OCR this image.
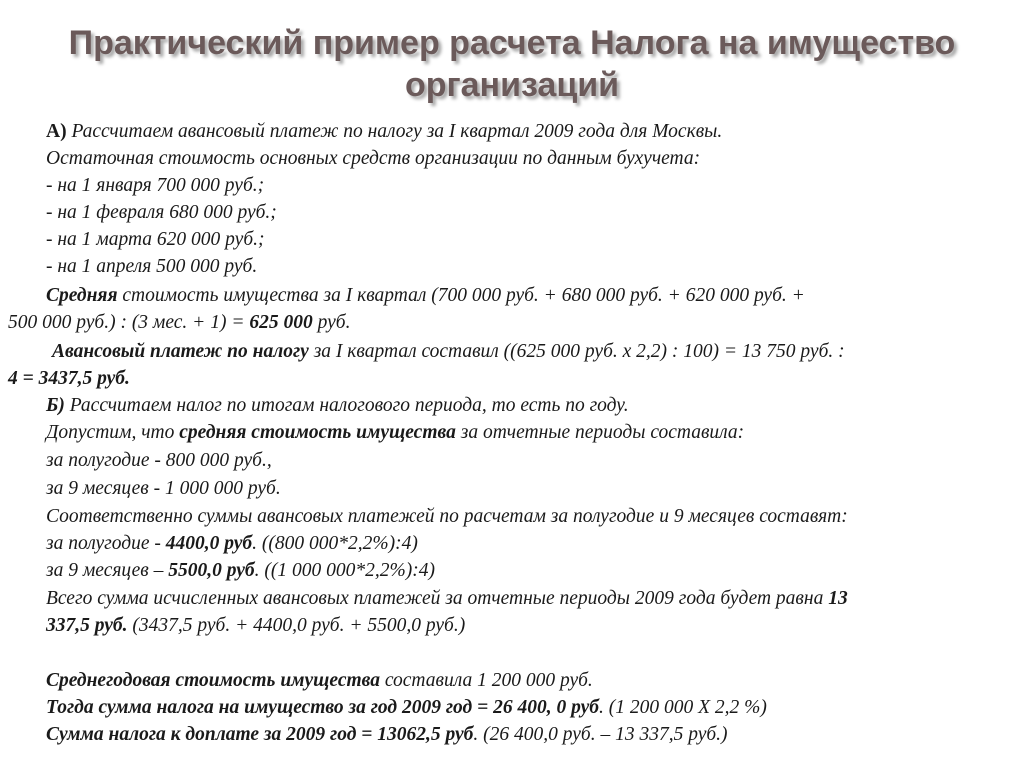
Практический пример расчета Налога на имущество
организаций
А) Рассчитаем авансовый платеж по налогу за I квартал 2009 года для Москвы.
Остаточная стоимость основных средств организации по данным бухучета:
- на 1 января 700 000 руб.;
- на 1 февраля 680 000 руб.;
- на 1 марта 620 000 руб.;
- на 1 апреля 500 000 руб.
Средняя стоимость имущества за I квартал (700 000 руб. + 680 000 руб. + 620 000 руб. +
500 000 руб.) : (3 мес. + 1) = 625 000 руб.
Авансовый платеж по налогу за I квартал составил ((625 000 руб. х 2,2) : 100) = 13 750 руб. :
4 = 3437,5 руб.
Б) Рассчитаем налог по итогам налогового периода, то есть по году.
Допустим, что средняя стоимость имущества за отчетные периоды составила:
за полугодие - 800 000 руб.,
за 9 месяцев - 1 000 000 руб.
Соответственно суммы авансовых платежей по расчетам за полугодие и 9 месяцев составят:
за полугодие - 4400,0 руб. ((800 000*2,2%):4)
за 9 месяцев – 5500,0 руб. ((1 000 000*2,2%):4)
Всего сумма исчисленных авансовых платежей за отчетные периоды 2009 года будет равна 13
337,5 руб. (3437,5 руб. + 4400,0 руб. + 5500,0 руб.)
Среднегодовая стоимость имущества составила 1 200 000 руб.
Тогда сумма налога на имущество за год 2009 год = 26 400, 0 руб. (1 200 000 Х 2,2 %)
Сумма налога к доплате за 2009 год = 13062,5 руб. (26 400,0 руб. – 13 337,5 руб.)
